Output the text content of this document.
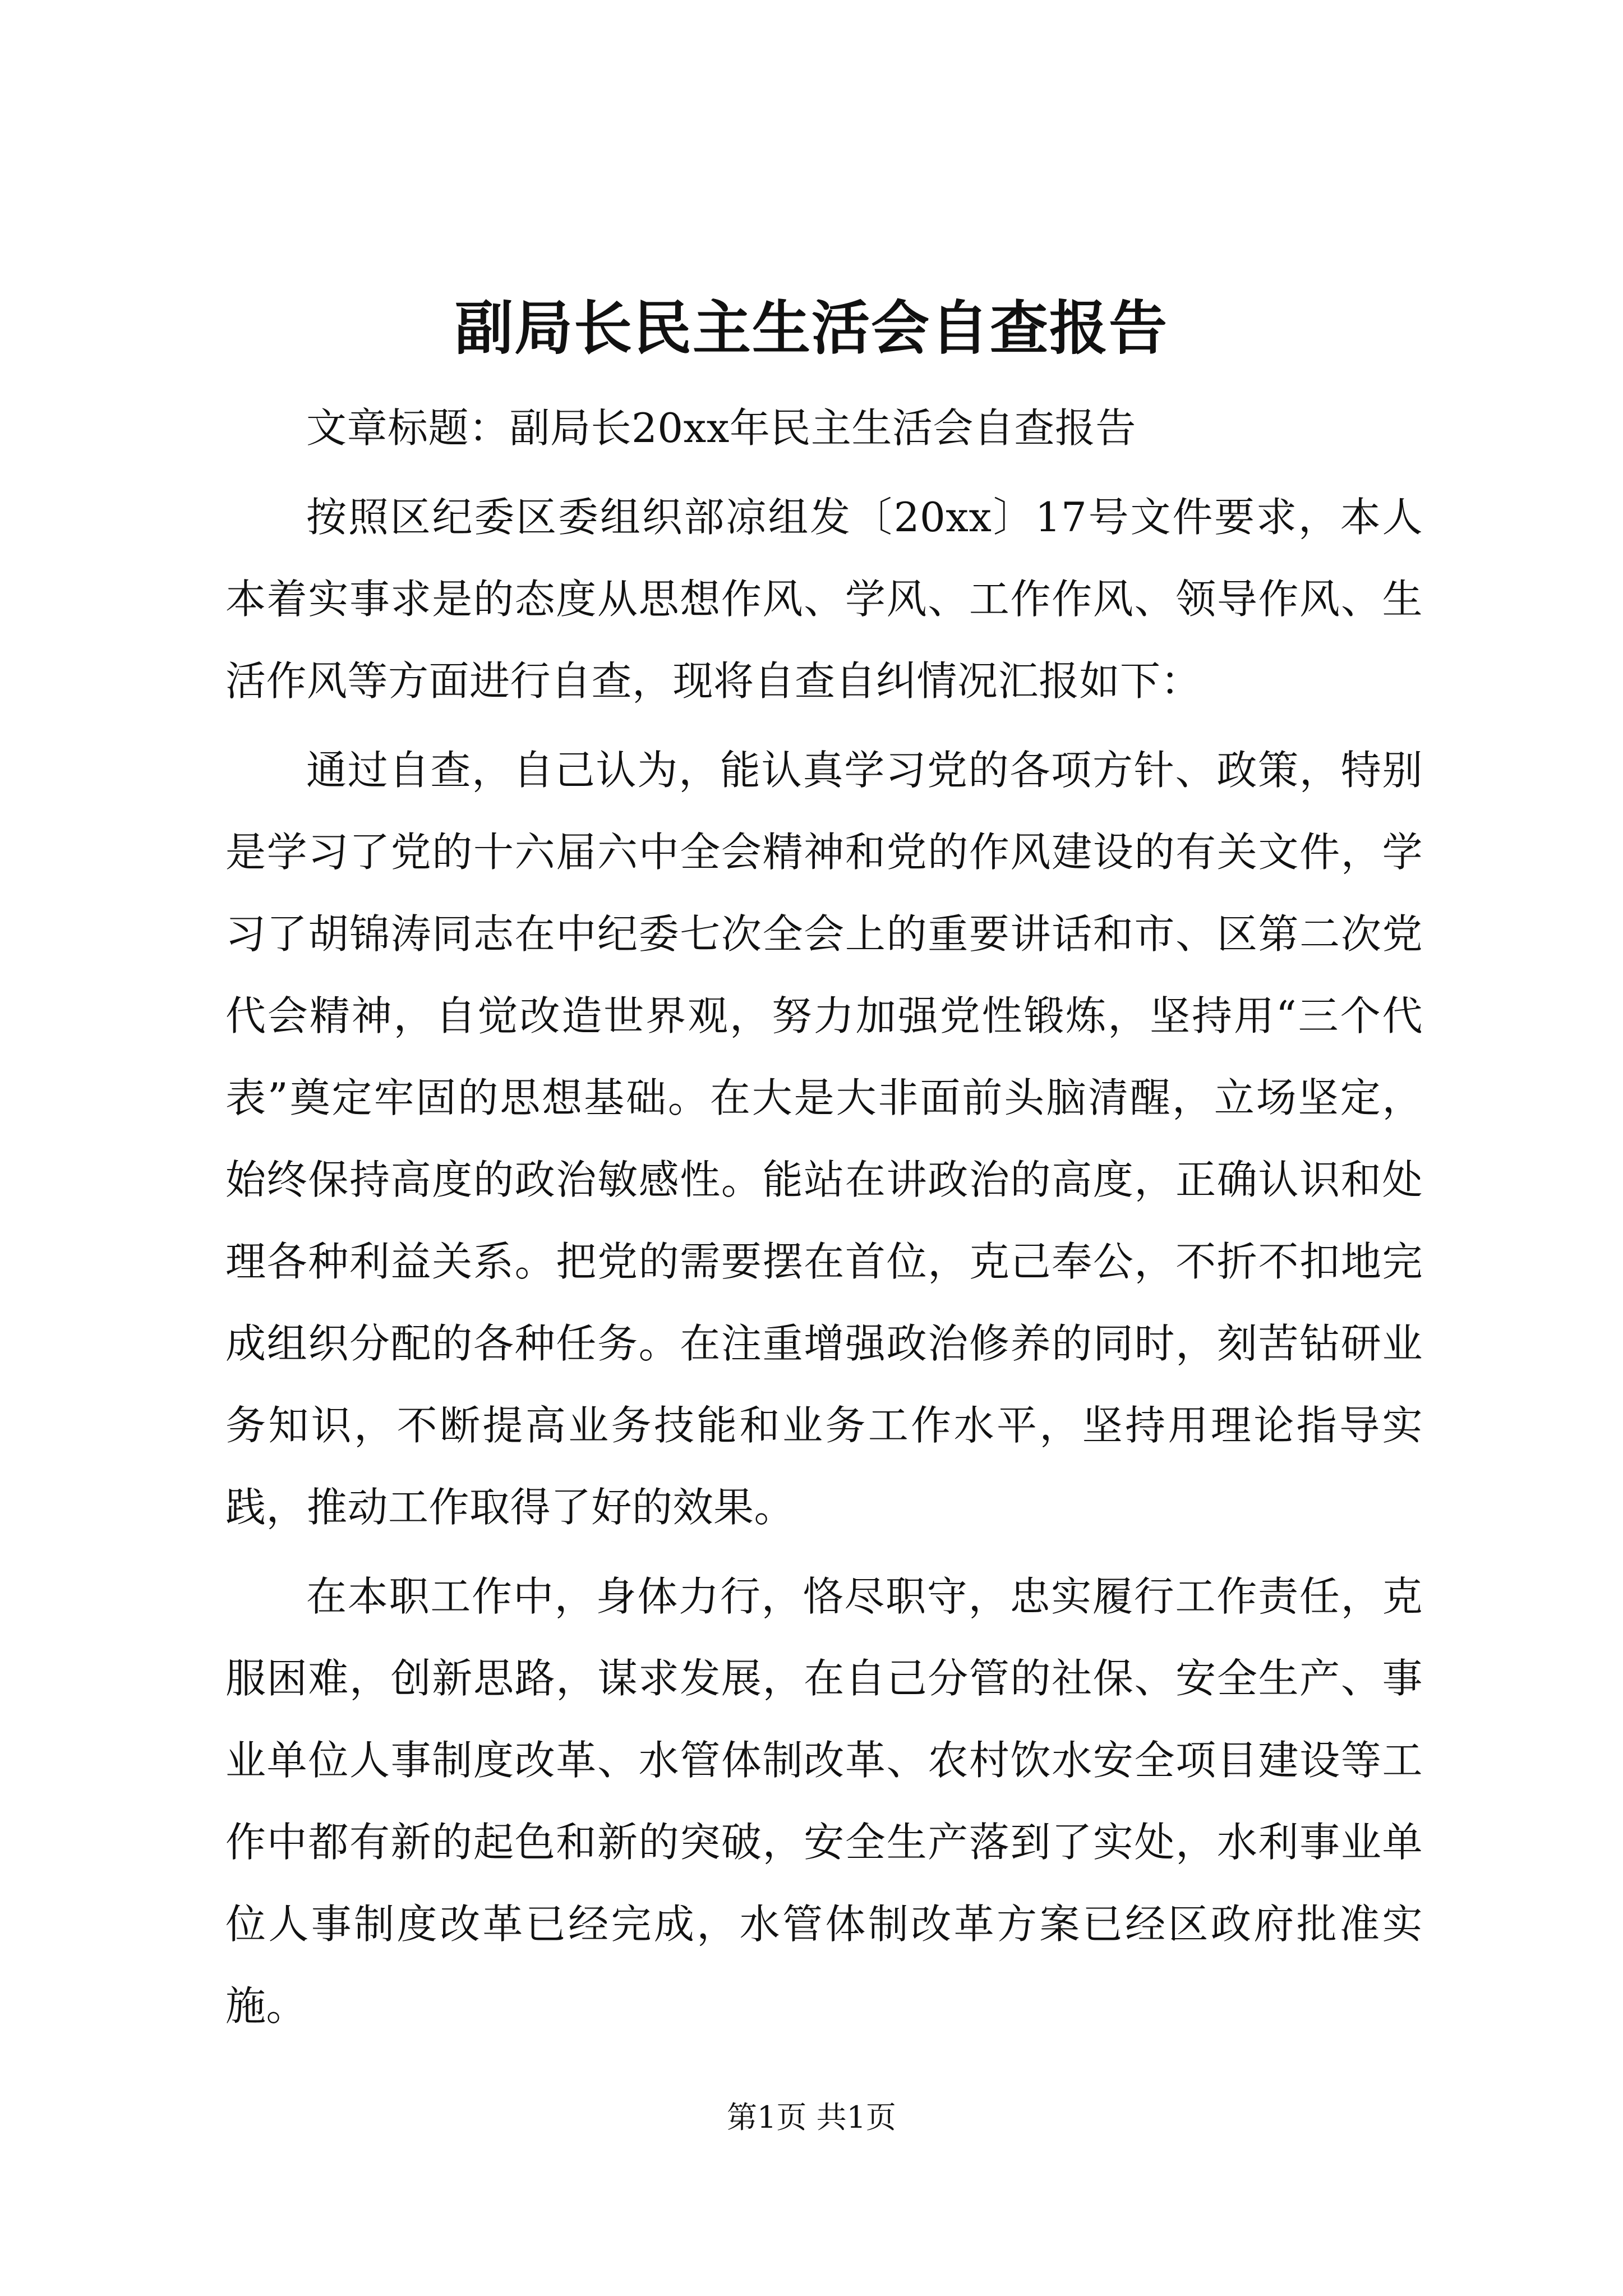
副局长民主生活会自查报告

文章标题：副局长20xx年民主生活会自查报告

按照区纪委区委组织部凉组发〔20xx〕17号文件要求，本人本着实事求是的态度从思想作风、学风、工作作风、领导作风、生活作风等方面进行自查，现将自查自纠情况汇报如下：

通过自查，自己认为，能认真学习党的各项方针、政策，特别是学习了党的十六届六中全会精神和党的作风建设的有关文件，学习了胡锦涛同志在中纪委七次全会上的重要讲话和市、区第二次党代会精神，自觉改造世界观，努力加强党性锻炼，坚持用“三个代表”奠定牢固的思想基础。在大是大非面前头脑清醒，立场坚定，始终保持高度的政治敏感性。能站在讲政治的高度，正确认识和处理各种利益关系。把党的需要摆在首位，克己奉公，不折不扣地完成组织分配的各种任务。在注重增强政治修养的同时，刻苦钻研业务知识，不断提高业务技能和业务工作水平，坚持用理论指导实践，推动工作取得了好的效果。

在本职工作中，身体力行，恪尽职守，忠实履行工作责任，克服困难，创新思路，谋求发展，在自己分管的社保、安全生产、事业单位人事制度改革、水管体制改革、农村饮水安全项目建设等工作中都有新的起色和新的突破，安全生产落到了实处，水利事业单位人事制度改革已经完成，水管体制改革方案已经区政府批准实施。

第1页 共1页
